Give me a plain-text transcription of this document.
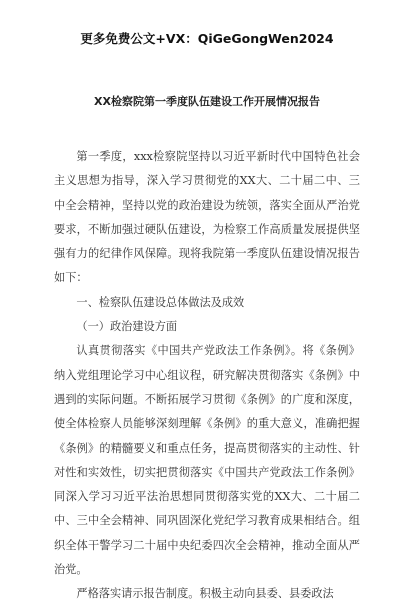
更多免费公文+VX：QiGeGongWen2024
XX检察院第一季度队伍建设工作开展情况报告

第一季度，xxx检察院坚持以习近平新时代中国特色社会主义思想为指导，深入学习贯彻党的XX大、二十届二中、三中全会精神，坚持以党的政治建设为统领，落实全面从严治党要求，不断加强过硬队伍建设，为检察工作高质量发展提供坚强有力的纪律作风保障。现将我院第一季度队伍建设情况报告如下：

一、检察队伍建设总体做法及成效

（一）政治建设方面

认真贯彻落实《中国共产党政法工作条例》。将《条例》纳入党组理论学习中心组议程，研究解决贯彻落实《条例》中遇到的实际问题。不断拓展学习贯彻《条例》的广度和深度，使全体检察人员能够深刻理解《条例》的重大意义，准确把握《条例》的精髓要义和重点任务，提高贯彻落实的主动性、针对性和实效性，切实把贯彻落实《中国共产党政法工作条例》同深入学习习近平法治思想同贯彻落实党的XX大、二十届二中、三中全会精神、同巩固深化党纪学习教育成果相结合。组织全体干警学习二十届中央纪委四次全会精神，推动全面从严治党。

严格落实请示报告制度。积极主动向县委、县委政法
